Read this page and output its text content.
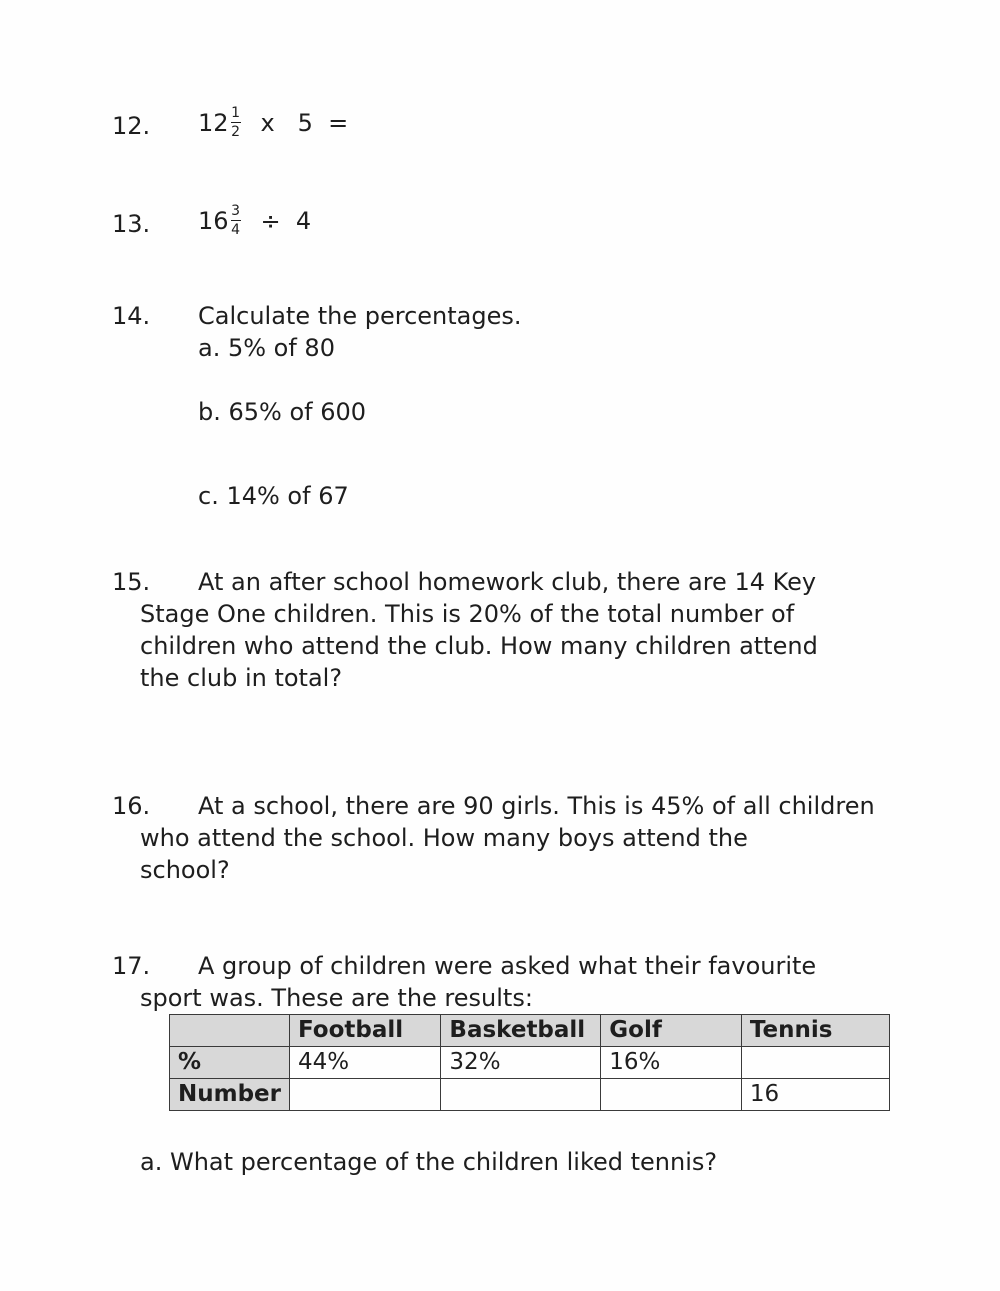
12. $12 \frac{1}{2}$ x   5  =
13. $16 \frac{3}{4} \div 4$
14. Calculate the percentages.
a. 5% of 80
b. 65% of 600
c. 14% of 67
15. At an after school homework club, there are 14 Key
Stage One children. This is 20% of the total number of
children who attend the club. How many children attend
the club in total?
16. At a school, there are 90 girls. This is 45% of all children
who attend the school. How many boys attend the
school?
17. A group of children were asked what their favourite
sport was. These are the results:
	Football	Basketball	Golf	Tennis
%	44%	32%	16%	
Number				16
a. What percentage of the children liked tennis?
